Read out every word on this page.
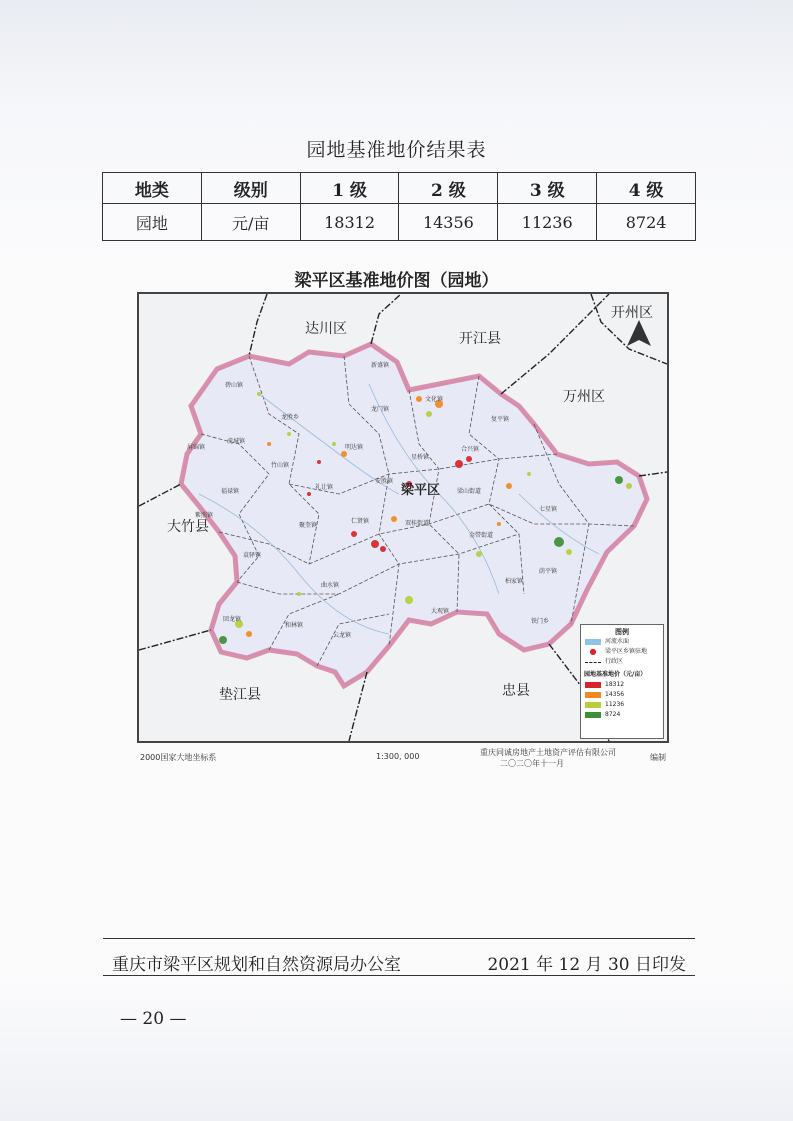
园地基准地价结果表
地类	级别	1 级	2 级	3 级	4 级
园地	元/亩	18312	14356	11236	8724
梁平区基准地价图（园地）
达川区
开江县
开州区
万州区
大竹县
垫江县	忠县
梁平区
新盛镇
碧山镇
文化镇
龙门镇
复平镇
虎城镇
龙胜乡
明达镇	合兴镇
屏锦镇
福禄镇
竹山镇
星桥镇
双桂街道
梁山街道
礼让镇
安胜镇
仁贤镇
金带街道
七星镇
袁驿镇
荫平镇
聚奎镇
曲水镇
回龙镇
柏家镇
和林镇
大观镇
铁门乡
云龙镇
紫照镇
图例
河流水面
●	梁平区乡镇驻地
行政区
园地基准地价（元/亩）
18312
14356
11236
8724
2000国家大地坐标系	1:300, 000	重庆同诚房地产土地资产评估有限公司
二〇二〇年十一月
编制
重庆市梁平区规划和自然资源局办公室	2021 年 12 月 30 日印发
— 20 —
